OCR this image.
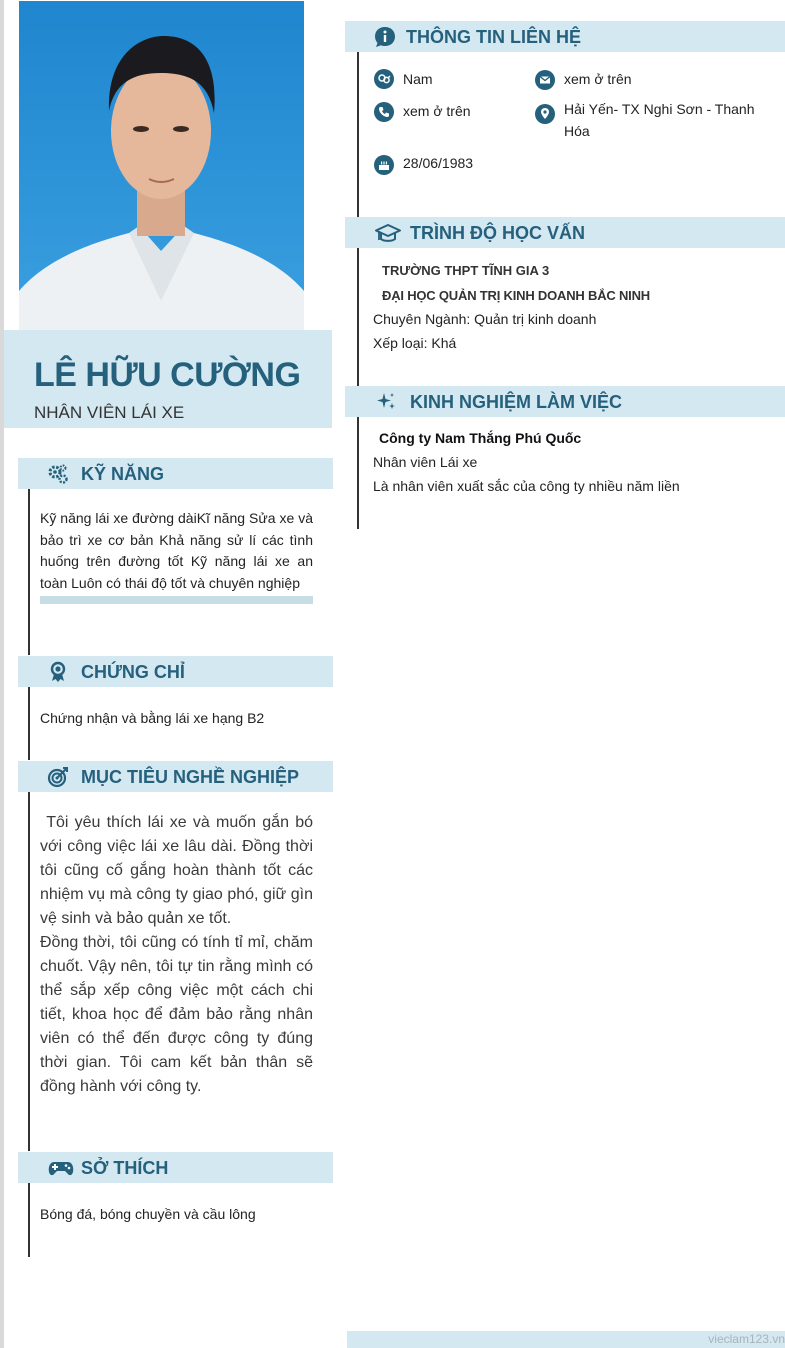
LÊ HỮU CƯỜNG
NHÂN VIÊN LÁI XE
KỸ NĂNG
Kỹ năng lái xe đường dàiKĩ năng Sửa xe và bảo trì xe cơ bản Khả năng sử lí các tình huống trên đường tốt Kỹ năng lái xe an toàn Luôn có thái độ tốt và chuyên nghiệp
CHỨNG CHỈ
Chứng nhận và bằng lái xe hạng B2
MỤC TIÊU NGHỀ NGHIỆP
Tôi yêu thích lái xe và muốn gắn bó với công việc lái xe lâu dài. Đồng thời tôi cũng cố gắng hoàn thành tốt các nhiệm vụ mà công ty giao phó, giữ gìn vệ sinh và bảo quản xe tốt.
Đồng thời, tôi cũng có tính tỉ mỉ, chăm chuốt. Vậy nên, tôi tự tin rằng mình có thể sắp xếp công việc một cách chi tiết, khoa học để đảm bảo rằng nhân viên có thể đến được công ty đúng thời gian. Tôi cam kết bản thân sẽ đồng hành với công ty.
SỞ THÍCH
Bóng đá, bóng chuyền và cầu lông
THÔNG TIN LIÊN HỆ
Nam	xem ở trên
xem ở trên	Hải Yến- TX Nghi Sơn - Thanh Hóa
28/06/1983
TRÌNH ĐỘ HỌC VẤN
TRƯỜNG THPT TĨNH GIA 3
ĐẠI HỌC QUẢN TRỊ KINH DOANH BẮC NINH
Chuyên Ngành: Quản trị kinh doanh
Xếp loại: Khá
KINH NGHIỆM LÀM VIỆC
Công ty Nam Thắng Phú Quốc
Nhân viên Lái xe
Là nhân viên xuất sắc của công ty nhiều năm liền
vieclam123.vn
